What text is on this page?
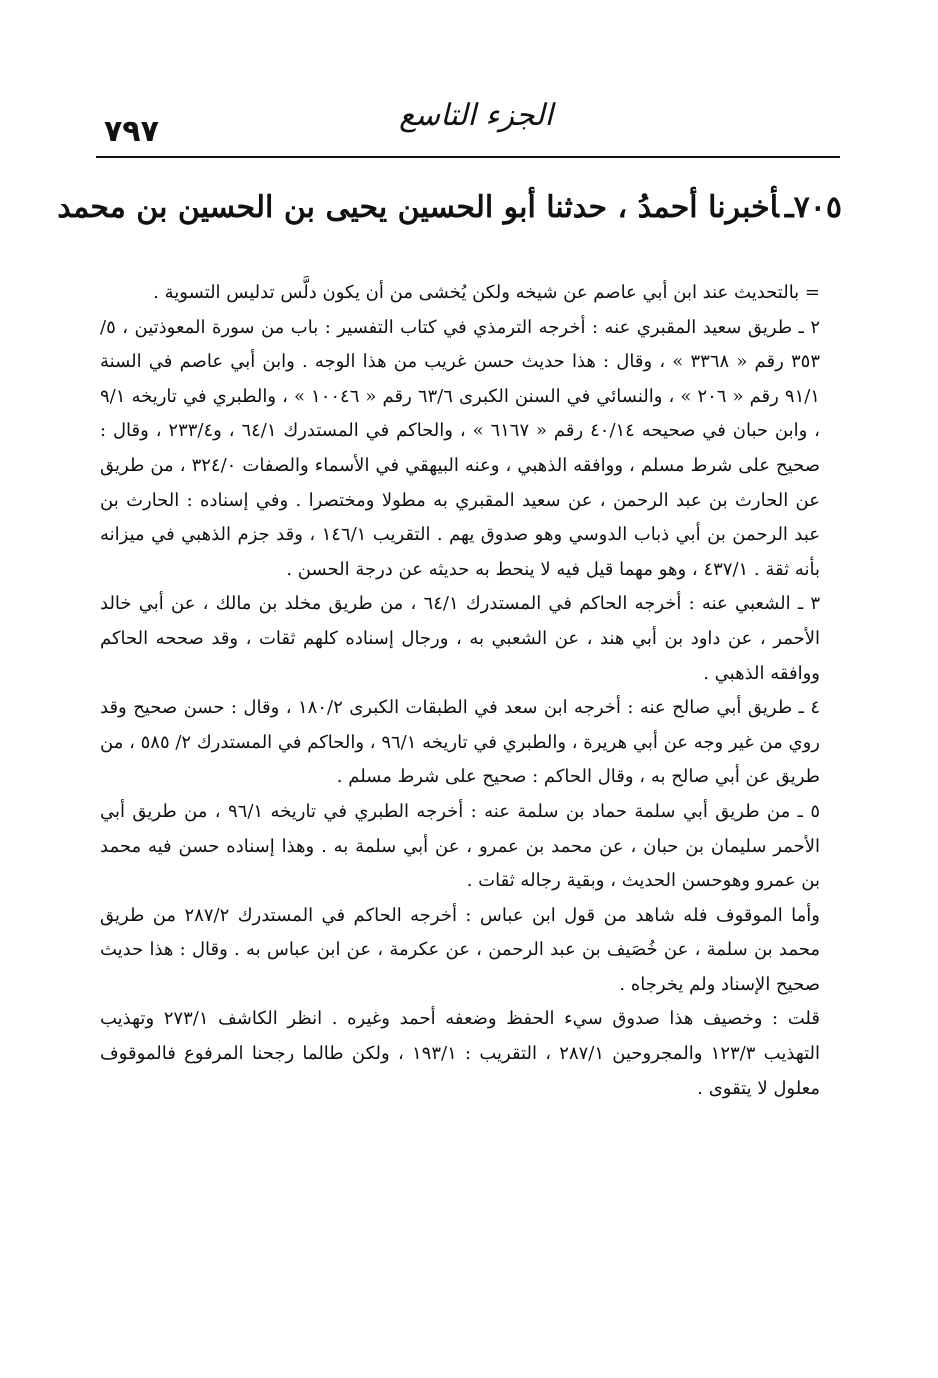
٧٩٧	الجزء التاسع
٧٠٥ـأخبرنا أحمدُ ، حدثنا أبو الحسين يحيى بن الحسين بن محمد

= بالتحديث عند ابن أبي عاصم عن شيخه ولكن يُخشى من أن يكون دلَّس تدليس التسوية .

٢ ـ طريق سعيد المقبري عنه : أخرجه الترمذي في كتاب التفسير : باب من سورة المعوذتين ، ٥/ ٣٥٣ رقم « ٣٣٦٨ » ، وقال : هذا حديث حسن غريب من هذا الوجه . وابن أبي عاصم في السنة ٩١/١ رقم « ٢٠٦ » ، والنسائي في السنن الكبرى ٦٣/٦ رقم « ١٠٠٤٦ » ، والطبري في تاريخه ٩/١ ، وابن حبان في صحيحه ٤٠/١٤ رقم « ٦١٦٧ » ، والحاكم في المستدرك ٦٤/١ ، و٢٣٣/٤ ، وقال : صحيح على شرط مسلم ، ووافقه الذهبي ، وعنه البيهقي في الأسماء والصفات ٣٢٤/٠ ، من طريق عن الحارث بن عبد الرحمن ، عن سعيد المقبري به مطولا ومختصرا . وفي إسناده : الحارث بن عبد الرحمن بن أبي ذباب الدوسي وهو صدوق يهم . التقريب ١٤٦/١ ، وقد جزم الذهبي في ميزانه بأنه ثقة . ٤٣٧/١ ، وهو مهما قيل فيه لا ينحط به حديثه عن درجة الحسن .

٣ ـ الشعبي عنه : أخرجه الحاكم في المستدرك ٦٤/١ ، من طريق مخلد بن مالك ، عن أبي خالد الأحمر ، عن داود بن أبي هند ، عن الشعبي به ، ورجال إسناده كلهم ثقات ، وقد صححه الحاكم ووافقه الذهبي .

٤ ـ طريق أبي صالح عنه : أخرجه ابن سعد في الطبقات الكبرى ١٨٠/٢ ، وقال : حسن صحيح وقد روي من غير وجه عن أبي هريرة ، والطبري في تاريخه ٩٦/١ ، والحاكم في المستدرك ٢/ ٥٨٥ ، من طريق عن أبي صالح به ، وقال الحاكم : صحيح على شرط مسلم .

٥ ـ من طريق أبي سلمة حماد بن سلمة عنه : أخرجه الطبري في تاريخه ٩٦/١ ، من طريق أبي الأحمر سليمان بن حبان ، عن محمد بن عمرو ، عن أبي سلمة به . وهذا إسناده حسن فيه محمد بن عمرو وهوحسن الحديث ، وبقية رجاله ثقات .

وأما الموقوف فله شاهد من قول ابن عباس : أخرجه الحاكم في المستدرك ٢٨٧/٢ من طريق محمد بن سلمة ، عن خُصَيف بن عبد الرحمن ، عن عكرمة ، عن ابن عباس به . وقال : هذا حديث صحيح الإسناد ولم يخرجاه .

قلت : وخصيف هذا صدوق سيء الحفظ وضعفه أحمد وغيره . انظر الكاشف ٢٧٣/١ وتهذيب التهذيب ١٢٣/٣ والمجروحين ٢٨٧/١ ، التقريب : ١٩٣/١ ، ولكن طالما رجحنا المرفوع فالموقوف معلول لا يتقوى .
